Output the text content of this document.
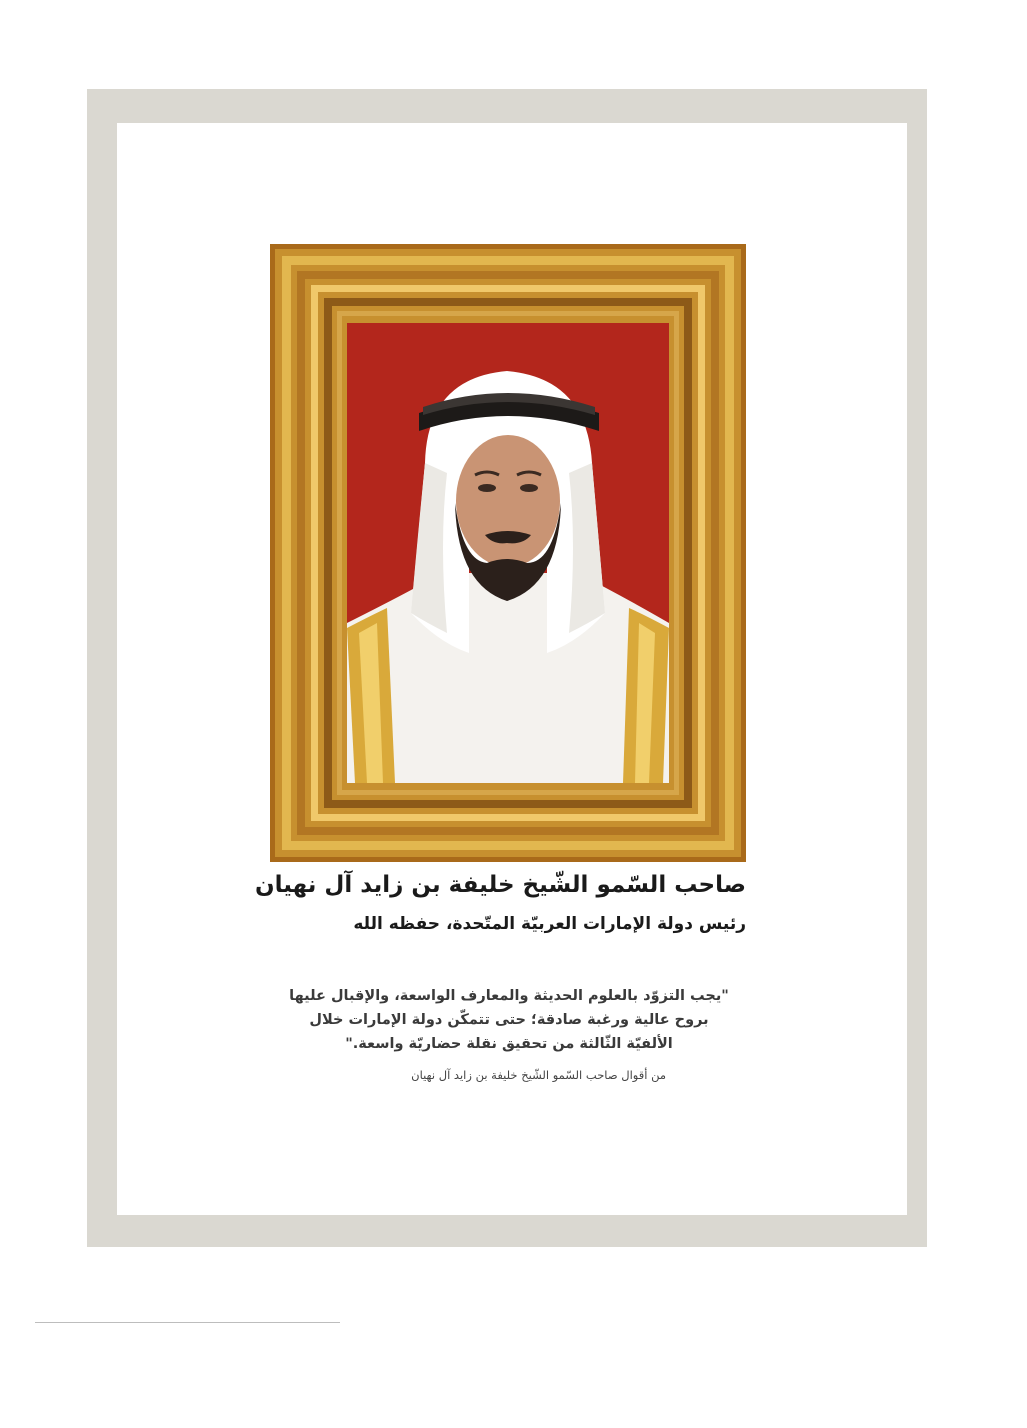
صاحب السّمو الشّيخ خليفة بن زايد آل نهيان
رئيس دولة الإمارات العربيّة المتّحدة، حفظه الله
"يجب التزوّد بالعلوم الحديثة والمعارف الواسعة، والإقبال عليها
بروح عالية ورغبة صادقة؛ حتى تتمكّن دولة الإمارات خلال
الألفيّة الثّالثة من تحقيق نقلة حضاريّة واسعة."
من أقوال صاحب السّمو الشّيخ خليفة بن زايد آل نهيان
